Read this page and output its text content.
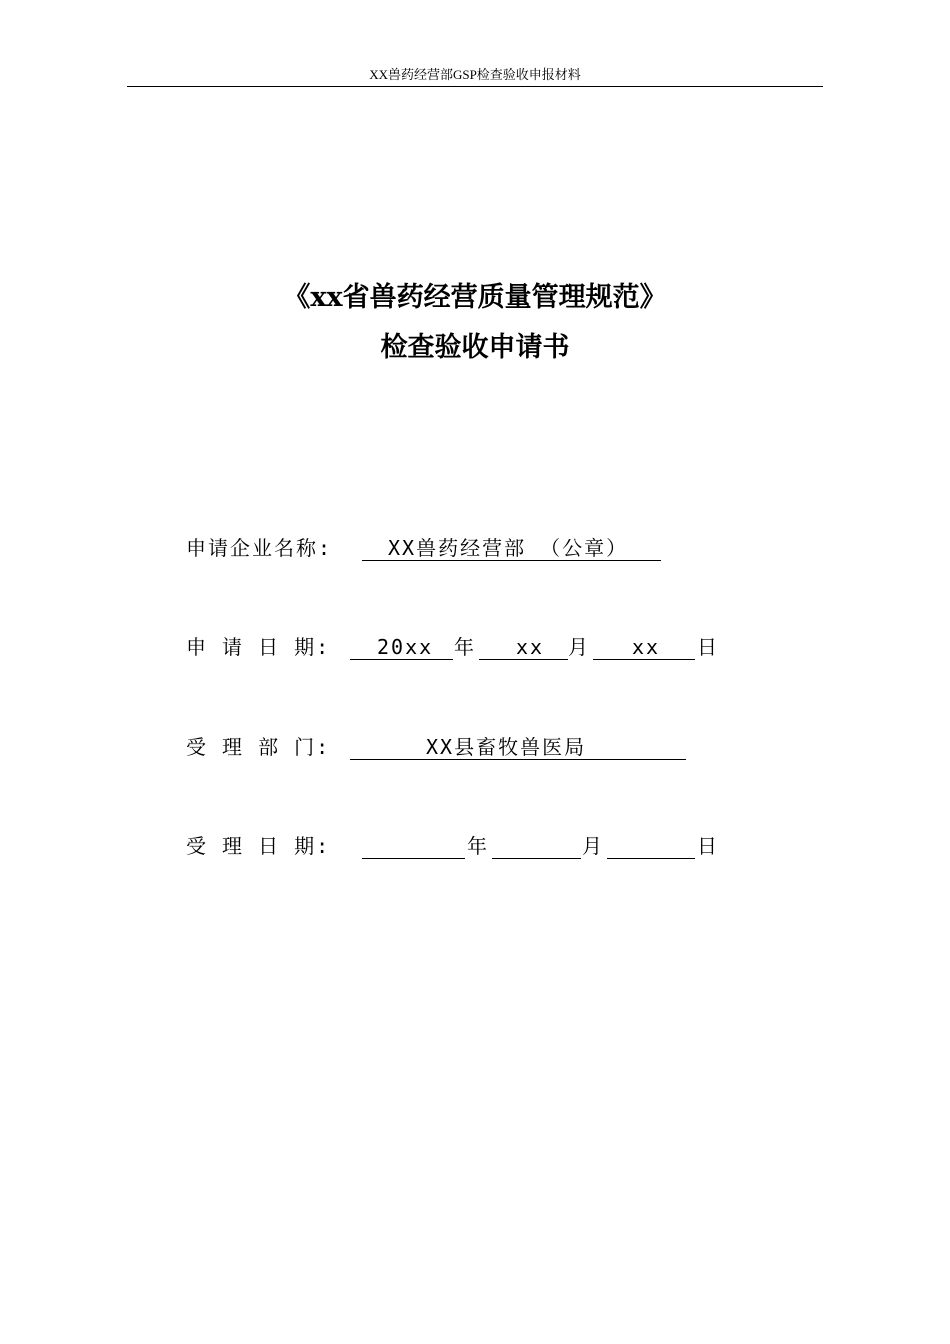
XX兽药经营部GSP检查验收申报材料
《xx省兽药经营质量管理规范》
检查验收申请书
申请企业名称:	XX兽药经营部 （公章）
申 请 日 期: 20xx 年 xx 月 xx 日
受 理 部 门:	XX县畜牧兽医局
受 理 日 期:	年	月	日
